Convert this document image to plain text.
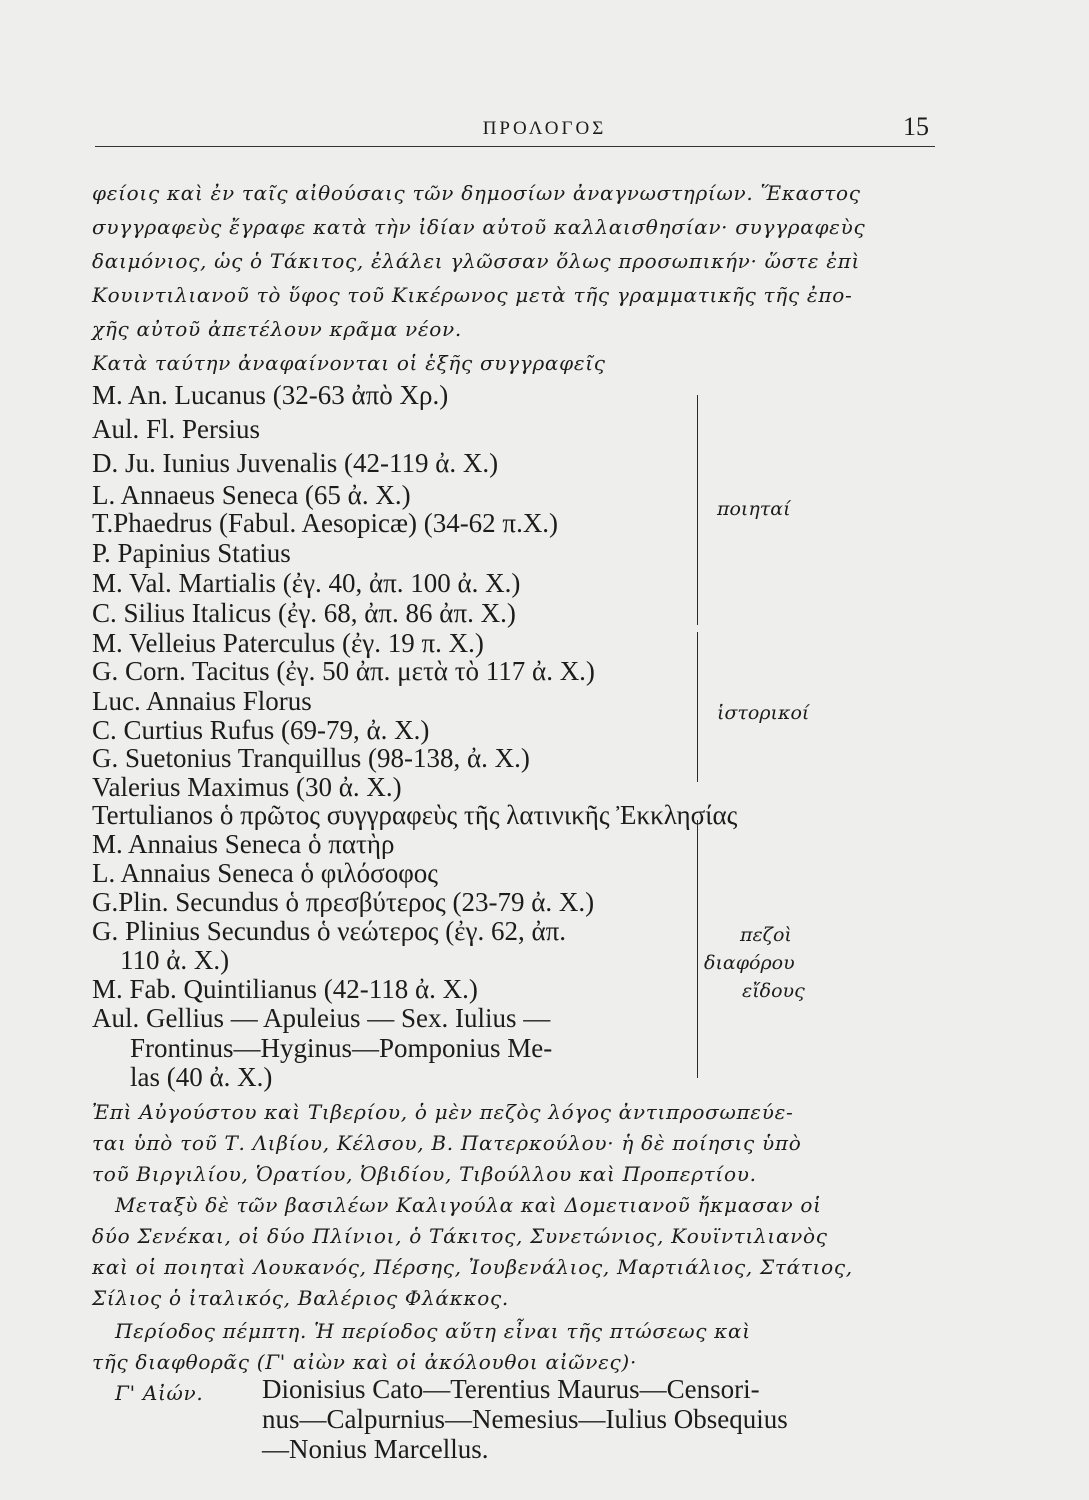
ΠΡΟΛΟΓΟΣ	15
φείοις καὶ ἐν ταῖς αἰθούσαις τῶν δημοσίων ἀναγνωστηρίων. Ἕκαστος
συγγραφεὺς ἔγραφε κατὰ τὴν ἰδίαν αὐτοῦ καλλαισθησίαν· συγγραφεὺς
δαιμόνιος, ὡς ὁ Τάκιτος, ἐλάλει γλῶσσαν ὅλως προσωπικήν· ὥστε ἐπὶ
Κουιντιλιανοῦ τὸ ὕφος τοῦ Κικέρωνος μετὰ τῆς γραμματικῆς τῆς ἐπο-
χῆς αὐτοῦ ἀπετέλουν κρᾶμα νέον.
Κατὰ ταύτην ἀναφαίνονται οἱ ἑξῆς συγγραφεῖς
M. An. Lucanus (32-63 ἀπὸ Χρ.)
Aul. Fl. Persius
D. Ju. Iunius Juvenalis (42-119 ἀ. Χ.)
L. Annaeus Seneca (65 ἀ. Χ.)
T.Phaedrus (Fabul. Aesopicæ) (34-62 π.Χ.)
P. Papinius Statius
M. Val. Martialis (ἐγ. 40, ἀπ. 100 ἀ. Χ.)
C. Silius Italicus (ἐγ. 68, ἀπ. 86 ἀπ. Χ.)
ποιηταί
M. Velleius Paterculus (ἐγ. 19 π. Χ.)
G. Corn. Tacitus (ἐγ. 50 ἀπ. μετὰ τὸ 117 ἀ. Χ.)
Luc. Annaius Florus
C. Curtius Rufus (69-79, ἀ. Χ.)
G. Suetonius Tranquillus (98-138, ἀ. Χ.)
Valerius Maximus (30 ἀ. Χ.)
ἱστορικοί
Tertulianos ὁ πρῶτος συγγραφεὺς τῆς λατινικῆς Ἐκκλησίας
M. Annaius Seneca ὁ πατὴρ
L. Annaius Seneca ὁ φιλόσοφος
G.Plin. Secundus ὁ πρεσβύτερος (23-79 ἀ. Χ.)
G. Plinius Secundus ὁ νεώτερος (ἐγ. 62, ἀπ.
110 ἀ. Χ.)
M. Fab. Quintilianus (42-118 ἀ. Χ.)
Aul. Gellius — Apuleius — Sex. Iulius —
Frontinus—Hyginus—Pomponius Me-
las (40 ἀ. Χ.)
πεζοὶ
διαφόρου
εἴδους
Ἐπὶ Αὐγούστου καὶ Τιβερίου, ὁ μὲν πεζὸς λόγος ἀντιπροσωπεύε-
ται ὑπὸ τοῦ Τ. Λιβίου, Κέλσου, Β. Πατερκούλου· ἡ δὲ ποίησις ὑπὸ
τοῦ Βιργιλίου, Ὁρατίου, Ὀβιδίου, Τιβούλλου καὶ Προπερτίου.
Μεταξὺ δὲ τῶν βασιλέων Καλιγούλα καὶ Δομετιανοῦ ἤκμασαν οἱ
δύο Σενέκαι, οἱ δύο Πλίνιοι, ὁ Τάκιτος, Συνετώνιος, Κουϊντιλιανὸς
καὶ οἱ ποιηταὶ Λουκανός, Πέρσης, Ἰουβενάλιος, Μαρτιάλιος, Στάτιος,
Σίλιος ὁ ἰταλικός, Βαλέριος Φλάκκος.
Περίοδος πέμπτη. Ἡ περίοδος αὕτη εἶναι τῆς πτώσεως καὶ
τῆς διαφθορᾶς (Γ' αἰὼν καὶ οἱ ἀκόλουθοι αἰῶνες)·
Γ' Αἰών.	Dionisius Cato—Terentius Maurus—Censori-
nus—Calpurnius—Nemesius—Iulius Obsequius
—Nonius Marcellus.
